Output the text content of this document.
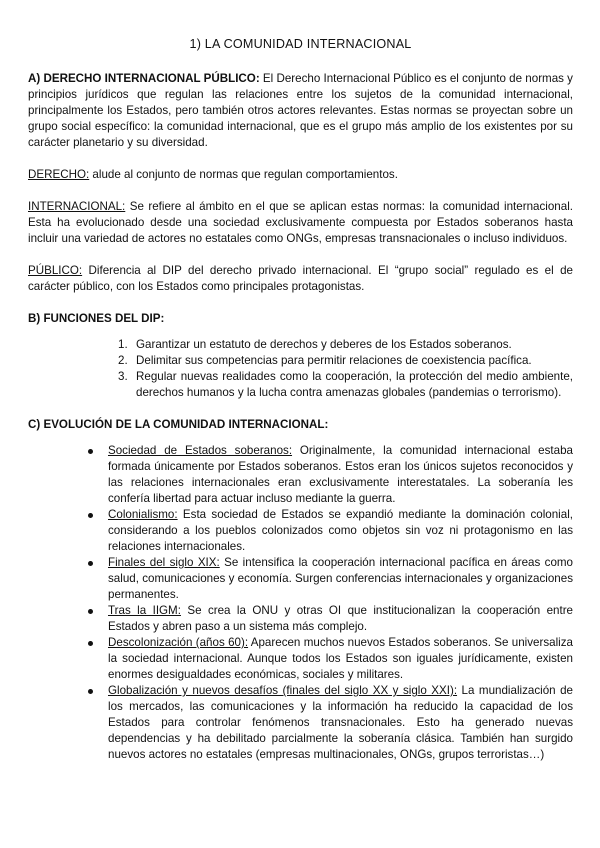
1) LA COMUNIDAD INTERNACIONAL

A) DERECHO INTERNACIONAL PÚBLICO: El Derecho Internacional Público es el conjunto de normas y principios jurídicos que regulan las relaciones entre los sujetos de la comunidad internacional, principalmente los Estados, pero también otros actores relevantes. Estas normas se proyectan sobre un grupo social específico: la comunidad internacional, que es el grupo más amplio de los existentes por su carácter planetario y su diversidad.

DERECHO: alude al conjunto de normas que regulan comportamientos.

INTERNACIONAL: Se refiere al ámbito en el que se aplican estas normas: la comunidad internacional. Esta ha evolucionado desde una sociedad exclusivamente compuesta por Estados soberanos hasta incluir una variedad de actores no estatales como ONGs, empresas transnacionales o incluso individuos.

PÚBLICO: Diferencia al DIP del derecho privado internacional. El “grupo social” regulado es el de carácter público, con los Estados como principales protagonistas.

B) FUNCIONES DEL DIP:

1. Garantizar un estatuto de derechos y deberes de los Estados soberanos.
2. Delimitar sus competencias para permitir relaciones de coexistencia pacífica.
3. Regular nuevas realidades como la cooperación, la protección del medio ambiente, derechos humanos y la lucha contra amenazas globales (pandemias o terrorismo).

C) EVOLUCIÓN DE LA COMUNIDAD INTERNACIONAL:

Sociedad de Estados soberanos: Originalmente, la comunidad internacional estaba formada únicamente por Estados soberanos. Estos eran los únicos sujetos reconocidos y las relaciones internacionales eran exclusivamente interestatales. La soberanía les confería libertad para actuar incluso mediante la guerra.
Colonialismo: Esta sociedad de Estados se expandió mediante la dominación colonial, considerando a los pueblos colonizados como objetos sin voz ni protagonismo en las relaciones internacionales.
Finales del siglo XIX: Se intensifica la cooperación internacional pacífica en áreas como salud, comunicaciones y economía. Surgen conferencias internacionales y organizaciones permanentes.
Tras la IIGM: Se crea la ONU y otras OI que institucionalizan la cooperación entre Estados y abren paso a un sistema más complejo.
Descolonización (años 60): Aparecen muchos nuevos Estados soberanos. Se universaliza la sociedad internacional. Aunque todos los Estados son iguales jurídicamente, existen enormes desigualdades económicas, sociales y militares.
Globalización y nuevos desafíos (finales del siglo XX y siglo XXI): La mundialización de los mercados, las comunicaciones y la información ha reducido la capacidad de los Estados para controlar fenómenos transnacionales. Esto ha generado nuevas dependencias y ha debilitado parcialmente la soberanía clásica. También han surgido nuevos actores no estatales (empresas multinacionales, ONGs, grupos terroristas…)
